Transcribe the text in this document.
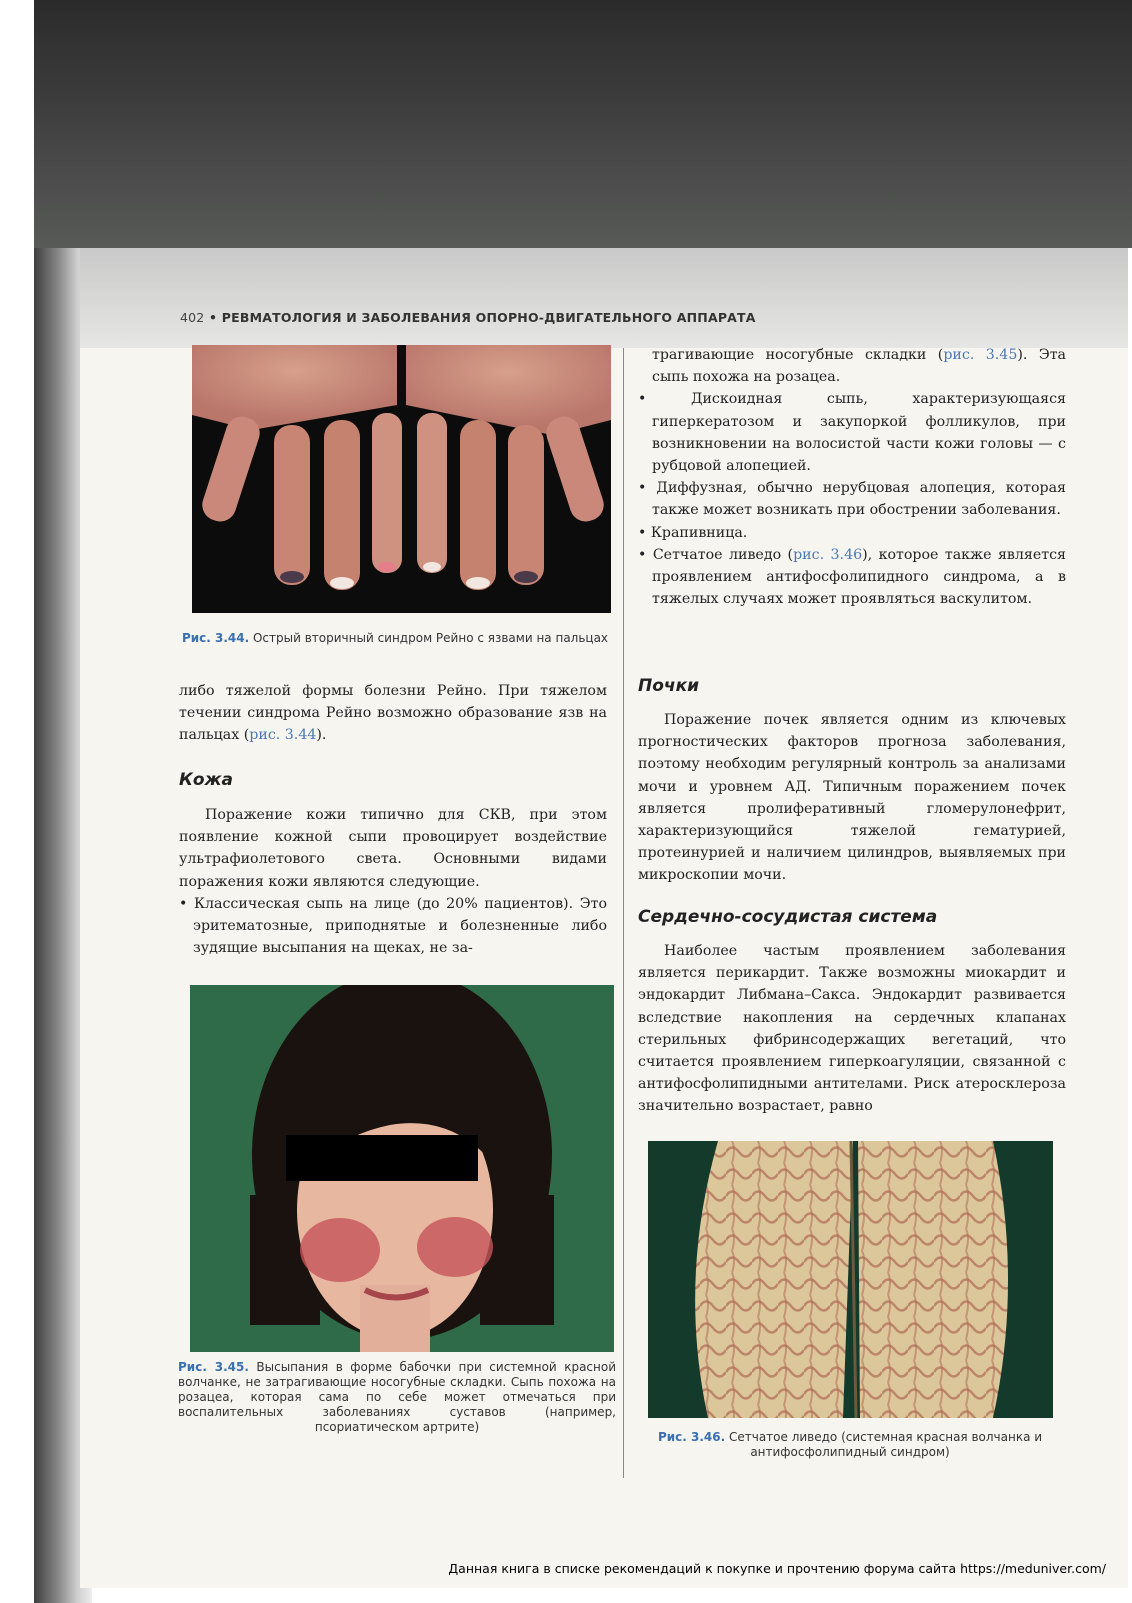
402 • РЕВМАТОЛОГИЯ И ЗАБОЛЕВАНИЯ ОПОРНО-ДВИГАТЕЛЬНОГО АППАРАТА
Рис. 3.44. Острый вторичный синдром Рейно с язвами на пальцах

либо тяжелой формы болезни Рейно. При тяжелом течении синдрома Рейно возможно образование язв на пальцах (рис. 3.44).

Кожа

Поражение кожи типично для СКВ, при этом появление кожной сыпи провоцирует воздействие ультрафиолетового света. Основными видами поражения кожи являются следующие.

• Классическая сыпь на лице (до 20% пациентов). Это эритематозные, приподнятые и болезненные либо зудящие высыпания на щеках, не за-

Рис. 3.45. Высыпания в форме бабочки при системной красной волчанке, не затрагивающие носогубные складки. Сыпь похожа на розацеа, которая сама по себе может отмечаться при воспалительных заболеваниях суставов (например, псориатическом артрите)

трагивающие носогубные складки (рис. 3.45). Эта сыпь похожа на розацеа.

• Дискоидная сыпь, характеризующаяся гиперкератозом и закупоркой фолликулов, при возникновении на волосистой части кожи головы — с рубцовой алопецией.

• Диффузная, обычно нерубцовая алопеция, которая также может возникать при обострении заболевания.

• Крапивница.

• Сетчатое ливедо (рис. 3.46), которое также является проявлением антифосфолипидного синдрома, а в тяжелых случаях может проявляться васкулитом.

Почки

Поражение почек является одним из ключевых прогностических факторов прогноза заболевания, поэтому необходим регулярный контроль за анализами мочи и уровнем АД. Типичным поражением почек является пролиферативный гломерулонефрит, характеризующийся тяжелой гематурией, протеинурией и наличием цилиндров, выявляемых при микроскопии мочи.

Сердечно-сосудистая система

Наиболее частым проявлением заболевания является перикардит. Также возможны миокардит и эндокардит Либмана–Сакса. Эндокардит развивается вследствие накопления на сердечных клапанах стерильных фибринсодержащих вегетаций, что считается проявлением гиперкоагуляции, связанной с антифосфолипидными антителами. Риск атеросклероза значительно возрастает, равно

Рис. 3.46. Сетчатое ливедо (системная красная волчанка и антифосфолипидный синдром)
Данная книга в списке рекомендаций к покупке и прочтению форума сайта https://meduniver.com/
